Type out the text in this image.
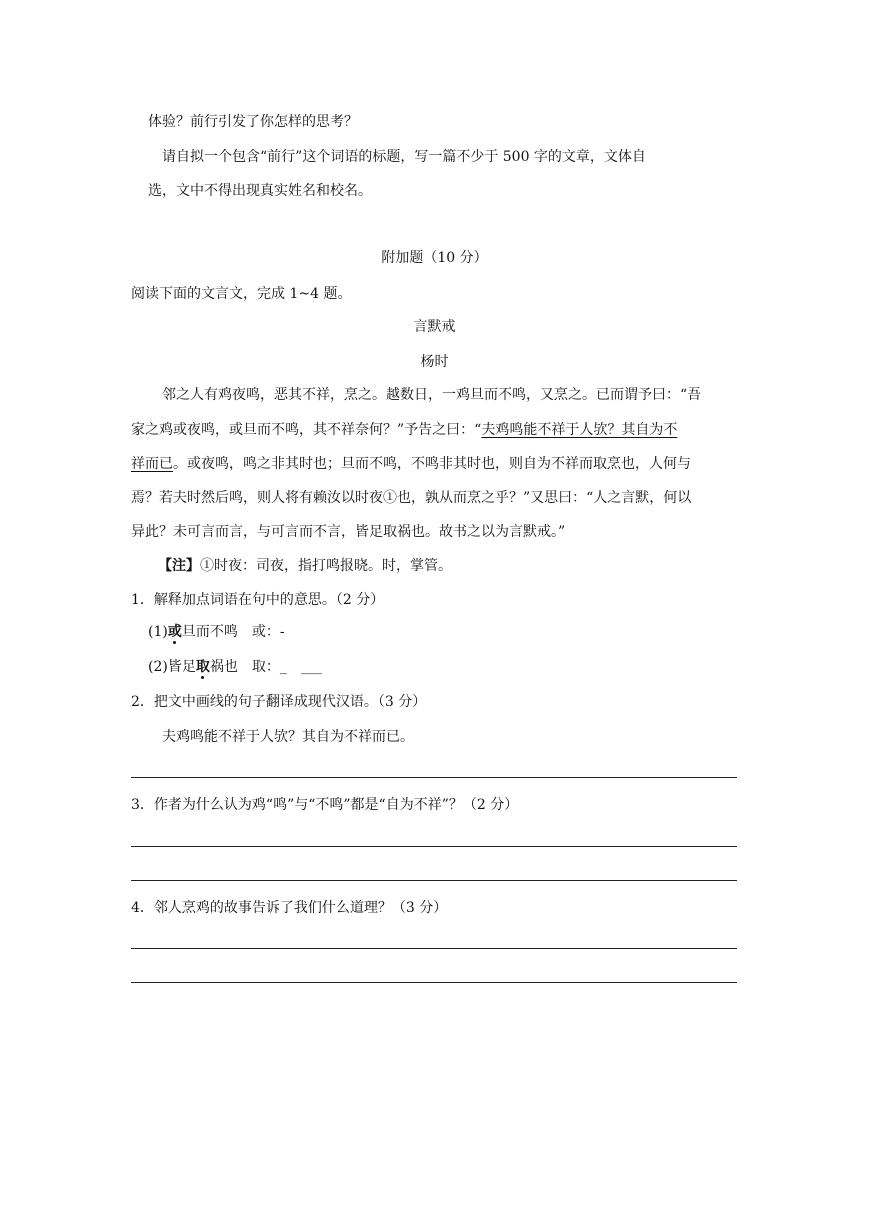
体验？前行引发了你怎样的思考？
请自拟一个包含“前行”这个词语的标题，写一篇不少于 500 字的文章，文体自
选，文中不得出现真实姓名和校名。
附加题（10 分）
阅读下面的文言文，完成 1~4 题。
言默戒
杨时
邻之人有鸡夜鸣，恶其不祥，烹之。越数日，一鸡旦而不鸣，又烹之。已而谓予曰：“吾
家之鸡或夜鸣，或旦而不鸣，其不祥奈何？”予告之曰：“夫鸡鸣能不祥于人欤？其自为不
祥而已。或夜鸣，鸣之非其时也；旦而不鸣，不鸣非其时也，则自为不祥而取烹也，人何与
焉？若夫时然后鸣，则人将有赖汝以时夜①也，孰从而烹之乎？”又思曰：“人之言默，何以
异此？未可言而言，与可言而不言，皆足取祸也。故书之以为言默戒。”
【注】①时夜：司夜，指打鸣报晓。时，掌管。
1．解释加点词语在句中的意思。（2 分）
(1)或旦而不鸣　或：-
(2)皆足取祸也　取：_　___
2．把文中画线的句子翻译成现代汉语。（3 分）
夫鸡鸣能不祥于人欤？其自为不祥而已。
3．作者为什么认为鸡“鸣”与“不鸣”都是“自为不祥”？（2 分）
4．邻人烹鸡的故事告诉了我们什么道理？（3 分）
